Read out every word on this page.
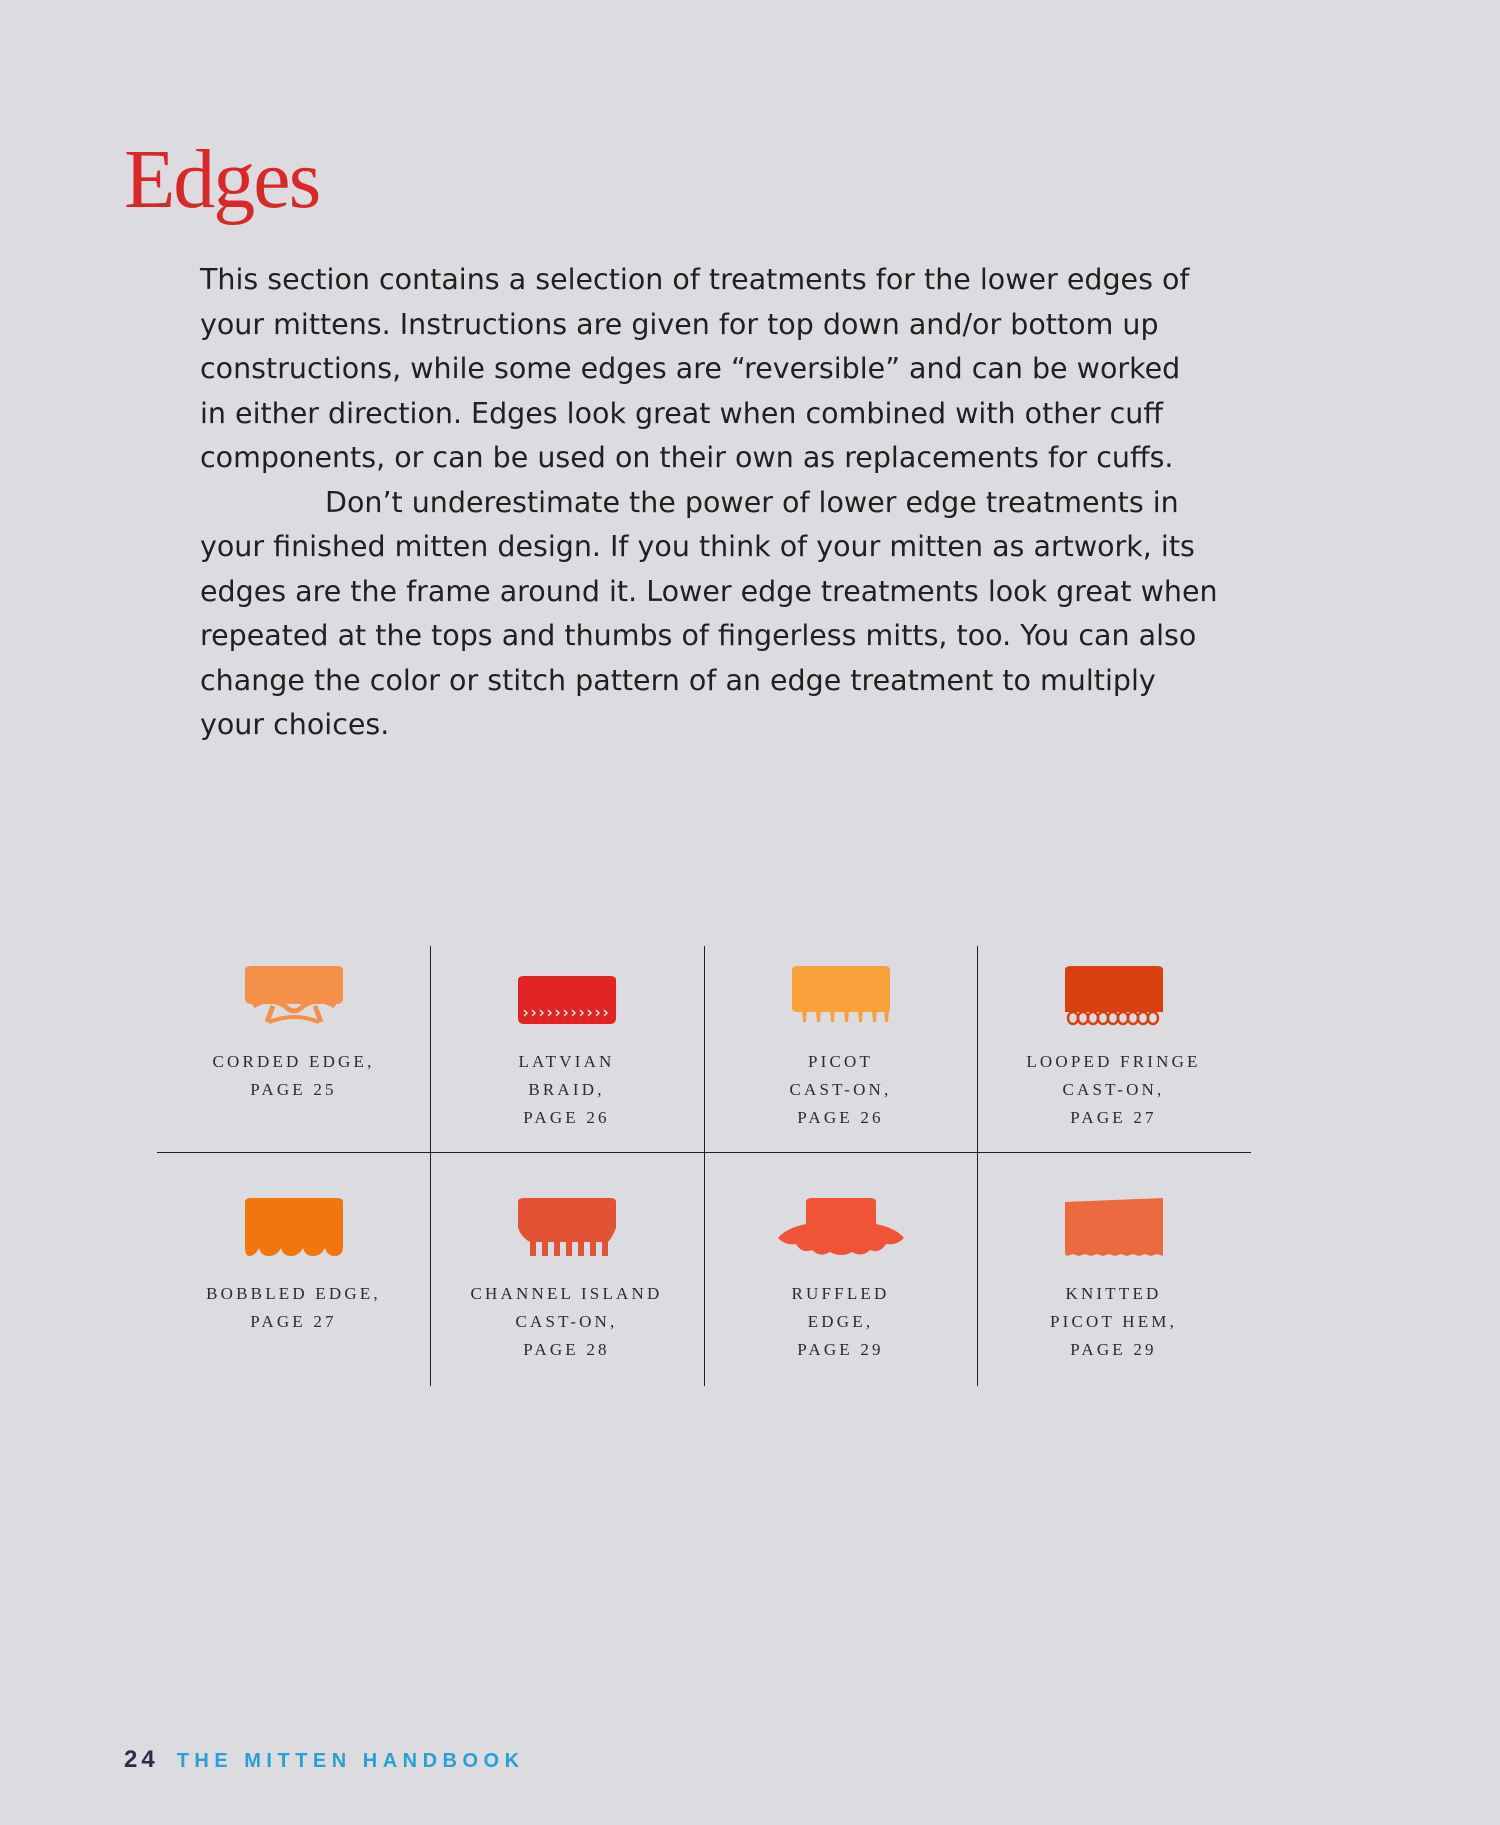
Edges

This section contains a selection of treatments for the lower edges of
your mittens. Instructions are given for top down and/or bottom up
constructions, while some edges are “reversible” and can be worked
in either direction. Edges look great when combined with other cuff
components, or can be used on their own as replacements for cuffs.

Don’t underestimate the power of lower edge treatments in
your finished mitten design. If you think of your mitten as artwork, its
edges are the frame around it. Lower edge treatments look great when
repeated at the tops and thumbs of fingerless mitts, too. You can also
change the color or stitch pattern of an edge treatment to multiply
your choices.

CORDED EDGE,
PAGE 25
LATVIAN
BRAID,
PAGE 26
PICOT
CAST-ON,
PAGE 26
LOOPED FRINGE
CAST-ON,
PAGE 27
BOBBLED EDGE,
PAGE 27
CHANNEL ISLAND
CAST-ON,
PAGE 28
RUFFLED
EDGE,
PAGE 29
KNITTED
PICOT HEM,
PAGE 29
24 THE MITTEN HANDBOOK
